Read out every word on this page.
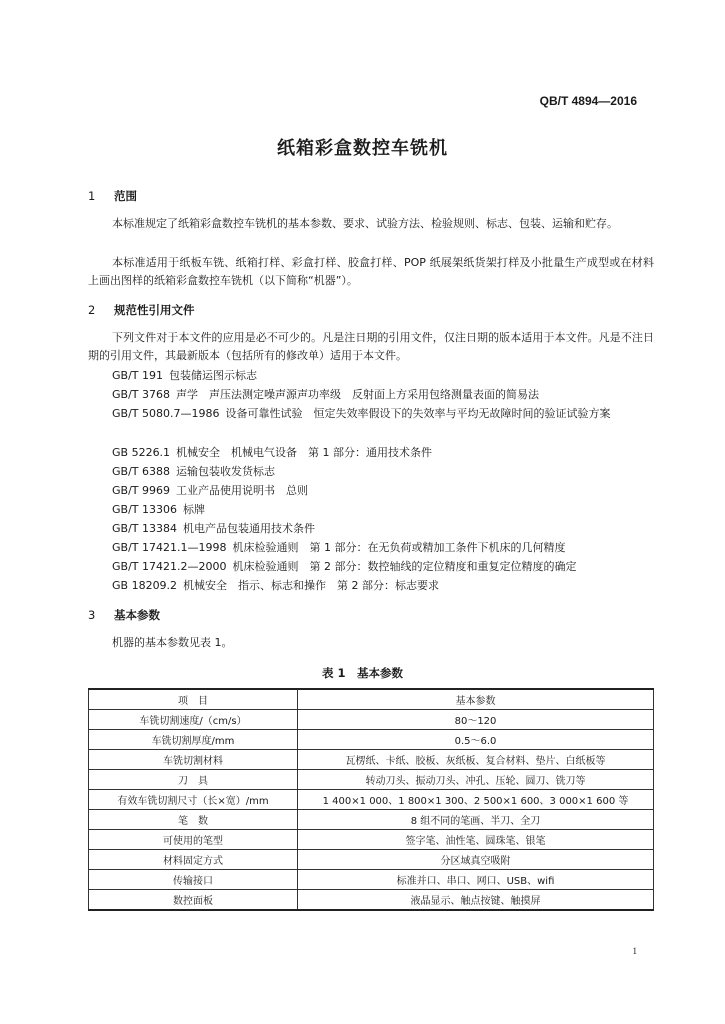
QB/T 4894—2016
纸箱彩盒数控车铣机
1 范围
本标准规定了纸箱彩盒数控车铣机的基本参数、要求、试验方法、检验规则、标志、包装、运输和贮存。
本标准适用于纸板车铣、纸箱打样、彩盒打样、胶盒打样、POP 纸展架纸货架打样及小批量生产成型或在材料上画出图样的纸箱彩盒数控车铣机（以下简称“机器”）。
2 规范性引用文件
下列文件对于本文件的应用是必不可少的。凡是注日期的引用文件，仅注日期的版本适用于本文件。凡是不注日期的引用文件，其最新版本（包括所有的修改单）适用于本文件。
GB/T 191 包装储运图示标志
GB/T 3768 声学　声压法测定噪声源声功率级　反射面上方采用包络测量表面的简易法
GB/T 5080.7—1986 设备可靠性试验　恒定失效率假设下的失效率与平均无故障时间的验证试验方案
GB 5226.1 机械安全　机械电气设备　第 1 部分：通用技术条件
GB/T 6388 运输包装收发货标志
GB/T 9969 工业产品使用说明书　总则
GB/T 13306 标牌
GB/T 13384 机电产品包装通用技术条件
GB/T 17421.1—1998 机床检验通则　第 1 部分：在无负荷或精加工条件下机床的几何精度
GB/T 17421.2—2000 机床检验通则　第 2 部分：数控轴线的定位精度和重复定位精度的确定
GB 18209.2 机械安全　指示、标志和操作　第 2 部分：标志要求
3 基本参数
机器的基本参数见表 1。
表 1　基本参数
项　目	基本参数
车铣切割速度/（cm/s）	80～120
车铣切割厚度/mm	0.5～6.0
车铣切割材料	瓦楞纸、卡纸、胶板、灰纸板、复合材料、垫片、白纸板等
刀　具	转动刀头、振动刀头、冲孔、压轮、圆刀、铣刀等
有效车铣切割尺寸（长×宽）/mm	1 400×1 000、1 800×1 300、2 500×1 600、3 000×1 600 等
笔　数	8 组不同的笔画、半刀、全刀
可使用的笔型	签字笔、油性笔、圆珠笔、银笔
材料固定方式	分区域真空吸附
传输接口	标准并口、串口、网口、USB、wifi
数控面板	液晶显示、触点按键、触摸屏
1
